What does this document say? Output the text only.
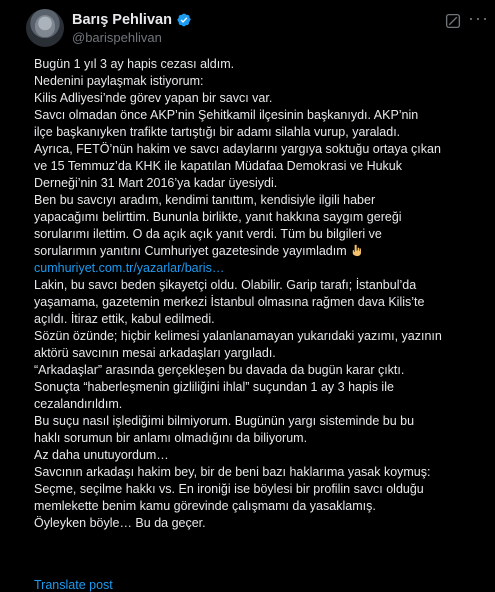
Barış Pehlivan
@barispehlivan
···

Bugün 1 yıl 3 ay hapis cezası aldım.

Nedenini paylaşmak istiyorum:

Kilis Adliyesi’nde görev yapan bir savcı var.

Savcı olmadan önce AKP’nin Şehitkamil ilçesinin başkanıydı. AKP’nin

ilçe başkanıyken trafikte tartıştığı bir adamı silahla vurup, yaraladı.

Ayrıca, FETÖ’nün hakim ve savcı adaylarını yargıya soktuğu ortaya çıkan

ve 15 Temmuz’da KHK ile kapatılan Müdafaa Demokrasi ve Hukuk

Derneği’nin 31 Mart 2016’ya kadar üyesiydi.

Ben bu savcıyı aradım, kendimi tanıttım, kendisiyle ilgili haber

yapacağımı belirttim. Bununla birlikte, yanıt hakkına saygım gereği

sorularımı ilettim. O da açık açık yanıt verdi. Tüm bu bilgileri ve

sorularımın yanıtını Cumhuriyet gazetesinde yayımladım

cumhuriyet.com.tr/yazarlar/baris…

Lakin, bu savcı beden şikayetçi oldu. Olabilir. Garip tarafı; İstanbul’da

yaşamama, gazetemin merkezi İstanbul olmasına rağmen dava Kilis’te

açıldı. İtiraz ettik, kabul edilmedi.

Sözün özünde; hiçbir kelimesi yalanlanamayan yukarıdaki yazımı, yazının

aktörü savcının mesai arkadaşları yargıladı.

“Arkadaşlar” arasında gerçekleşen bu davada da bugün karar çıktı.

Sonuçta “haberleşmenin gizliliğini ihlal” suçundan 1 ay 3 hapis ile

cezalandırıldım.

Bu suçu nasıl işlediğimi bilmiyorum. Bugünün yargı sisteminde bu bu

haklı sorumun bir anlamı olmadığını da biliyorum.

Az daha unutuyordum…

Savcının arkadaşı hakim bey, bir de beni bazı haklarıma yasak koymuş:

Seçme, seçilme hakkı vs. En ironiği ise böylesi bir profilin savcı olduğu

memlekette benim kamu görevinde çalışmamı da yasaklamış.

Öyleyken böyle… Bu da geçer.

Translate post
